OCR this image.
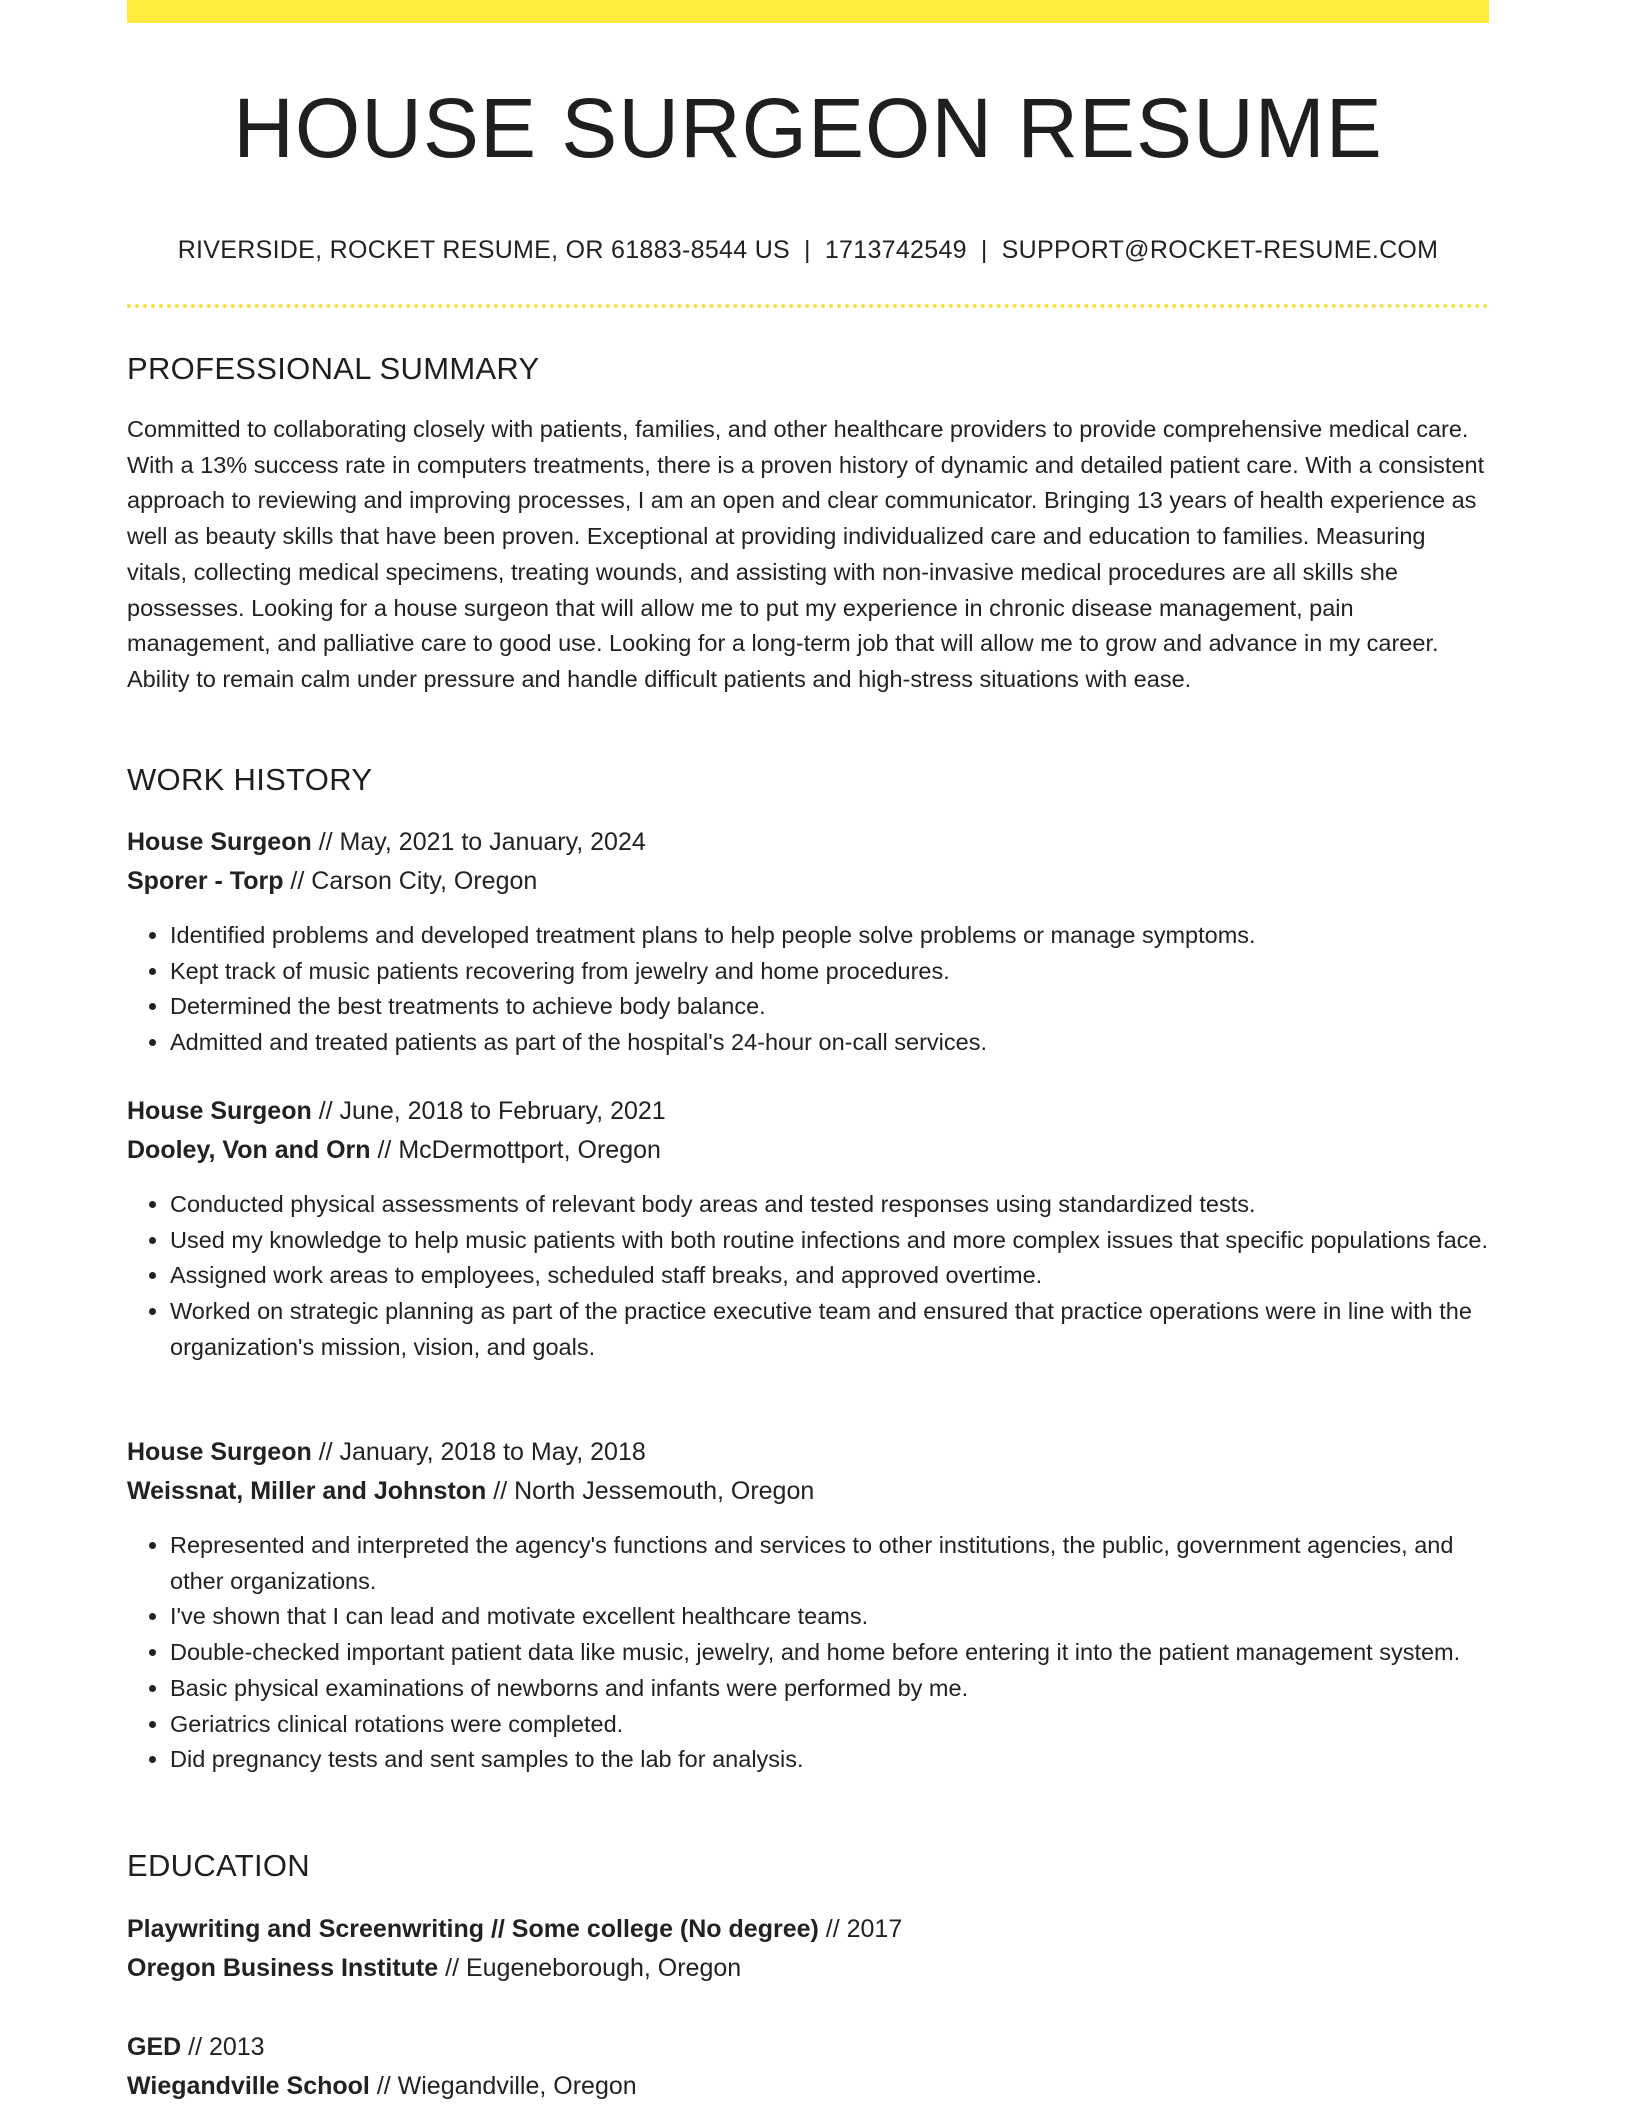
HOUSE SURGEON RESUME
RIVERSIDE, ROCKET RESUME, OR 61883-8544 US | 1713742549 | SUPPORT@ROCKET-RESUME.COM
PROFESSIONAL SUMMARY

Committed to collaborating closely with patients, families, and other healthcare providers to provide comprehensive medical care. With a 13% success rate in computers treatments, there is a proven history of dynamic and detailed patient care. With a consistent approach to reviewing and improving processes, I am an open and clear communicator. Bringing 13 years of health experience as well as beauty skills that have been proven. Exceptional at providing individualized care and education to families. Measuring vitals, collecting medical specimens, treating wounds, and assisting with non-invasive medical procedures are all skills she possesses. Looking for a house surgeon that will allow me to put my experience in chronic disease management, pain management, and palliative care to good use. Looking for a long-term job that will allow me to grow and advance in my career. Ability to remain calm under pressure and handle difficult patients and high-stress situations with ease.

WORK HISTORY
House Surgeon // May, 2021 to January, 2024
Sporer - Torp // Carson City, Oregon
• Identified problems and developed treatment plans to help people solve problems or manage symptoms.
• Kept track of music patients recovering from jewelry and home procedures.
• Determined the best treatments to achieve body balance.
• Admitted and treated patients as part of the hospital's 24-hour on-call services.
House Surgeon // June, 2018 to February, 2021
Dooley, Von and Orn // McDermottport, Oregon
• Conducted physical assessments of relevant body areas and tested responses using standardized tests.
• Used my knowledge to help music patients with both routine infections and more complex issues that specific populations face.
• Assigned work areas to employees, scheduled staff breaks, and approved overtime.
• Worked on strategic planning as part of the practice executive team and ensured that practice operations were in line with the organization's mission, vision, and goals.
House Surgeon // January, 2018 to May, 2018
Weissnat, Miller and Johnston // North Jessemouth, Oregon
• Represented and interpreted the agency's functions and services to other institutions, the public, government agencies, and other organizations.
• I've shown that I can lead and motivate excellent healthcare teams.
• Double-checked important patient data like music, jewelry, and home before entering it into the patient management system.
• Basic physical examinations of newborns and infants were performed by me.
• Geriatrics clinical rotations were completed.
• Did pregnancy tests and sent samples to the lab for analysis.
EDUCATION
Playwriting and Screenwriting // Some college (No degree) // 2017
Oregon Business Institute // Eugeneborough, Oregon
GED // 2013
Wiegandville School // Wiegandville, Oregon
